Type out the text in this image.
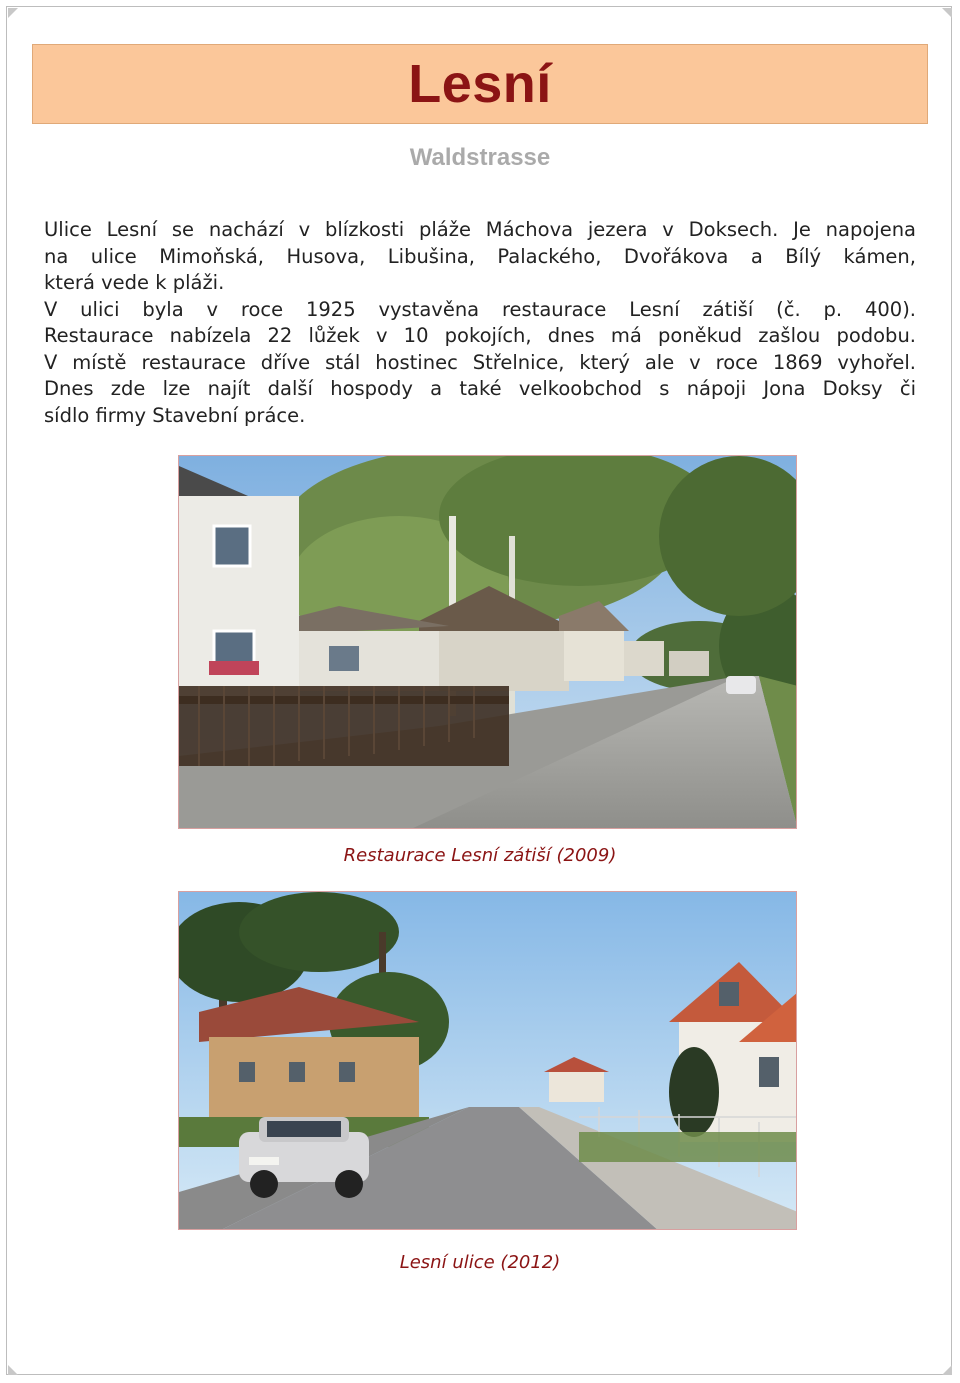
Lesní
Waldstrasse

Ulice Lesní se nachází v blízkosti pláže Máchova jezera v Doksech. Je napojena

na ulice Mimoňská, Husova, Libušina, Palackého, Dvořákova a Bílý kámen,

která vede k pláži.

V ulici byla v roce 1925 vystavěna restaurace Lesní zátiší (č. p. 400).

Restaurace nabízela 22 lůžek v 10 pokojích, dnes má poněkud zašlou podobu.

V místě restaurace dříve stál hostinec Střelnice, který ale v roce 1869 vyhořel.

Dnes zde lze najít další hospody a také velkoobchod s nápoji Jona Doksy či

sídlo firmy Stavební práce.

Restaurace Lesní zátiší (2009)
Lesní ulice (2012)
